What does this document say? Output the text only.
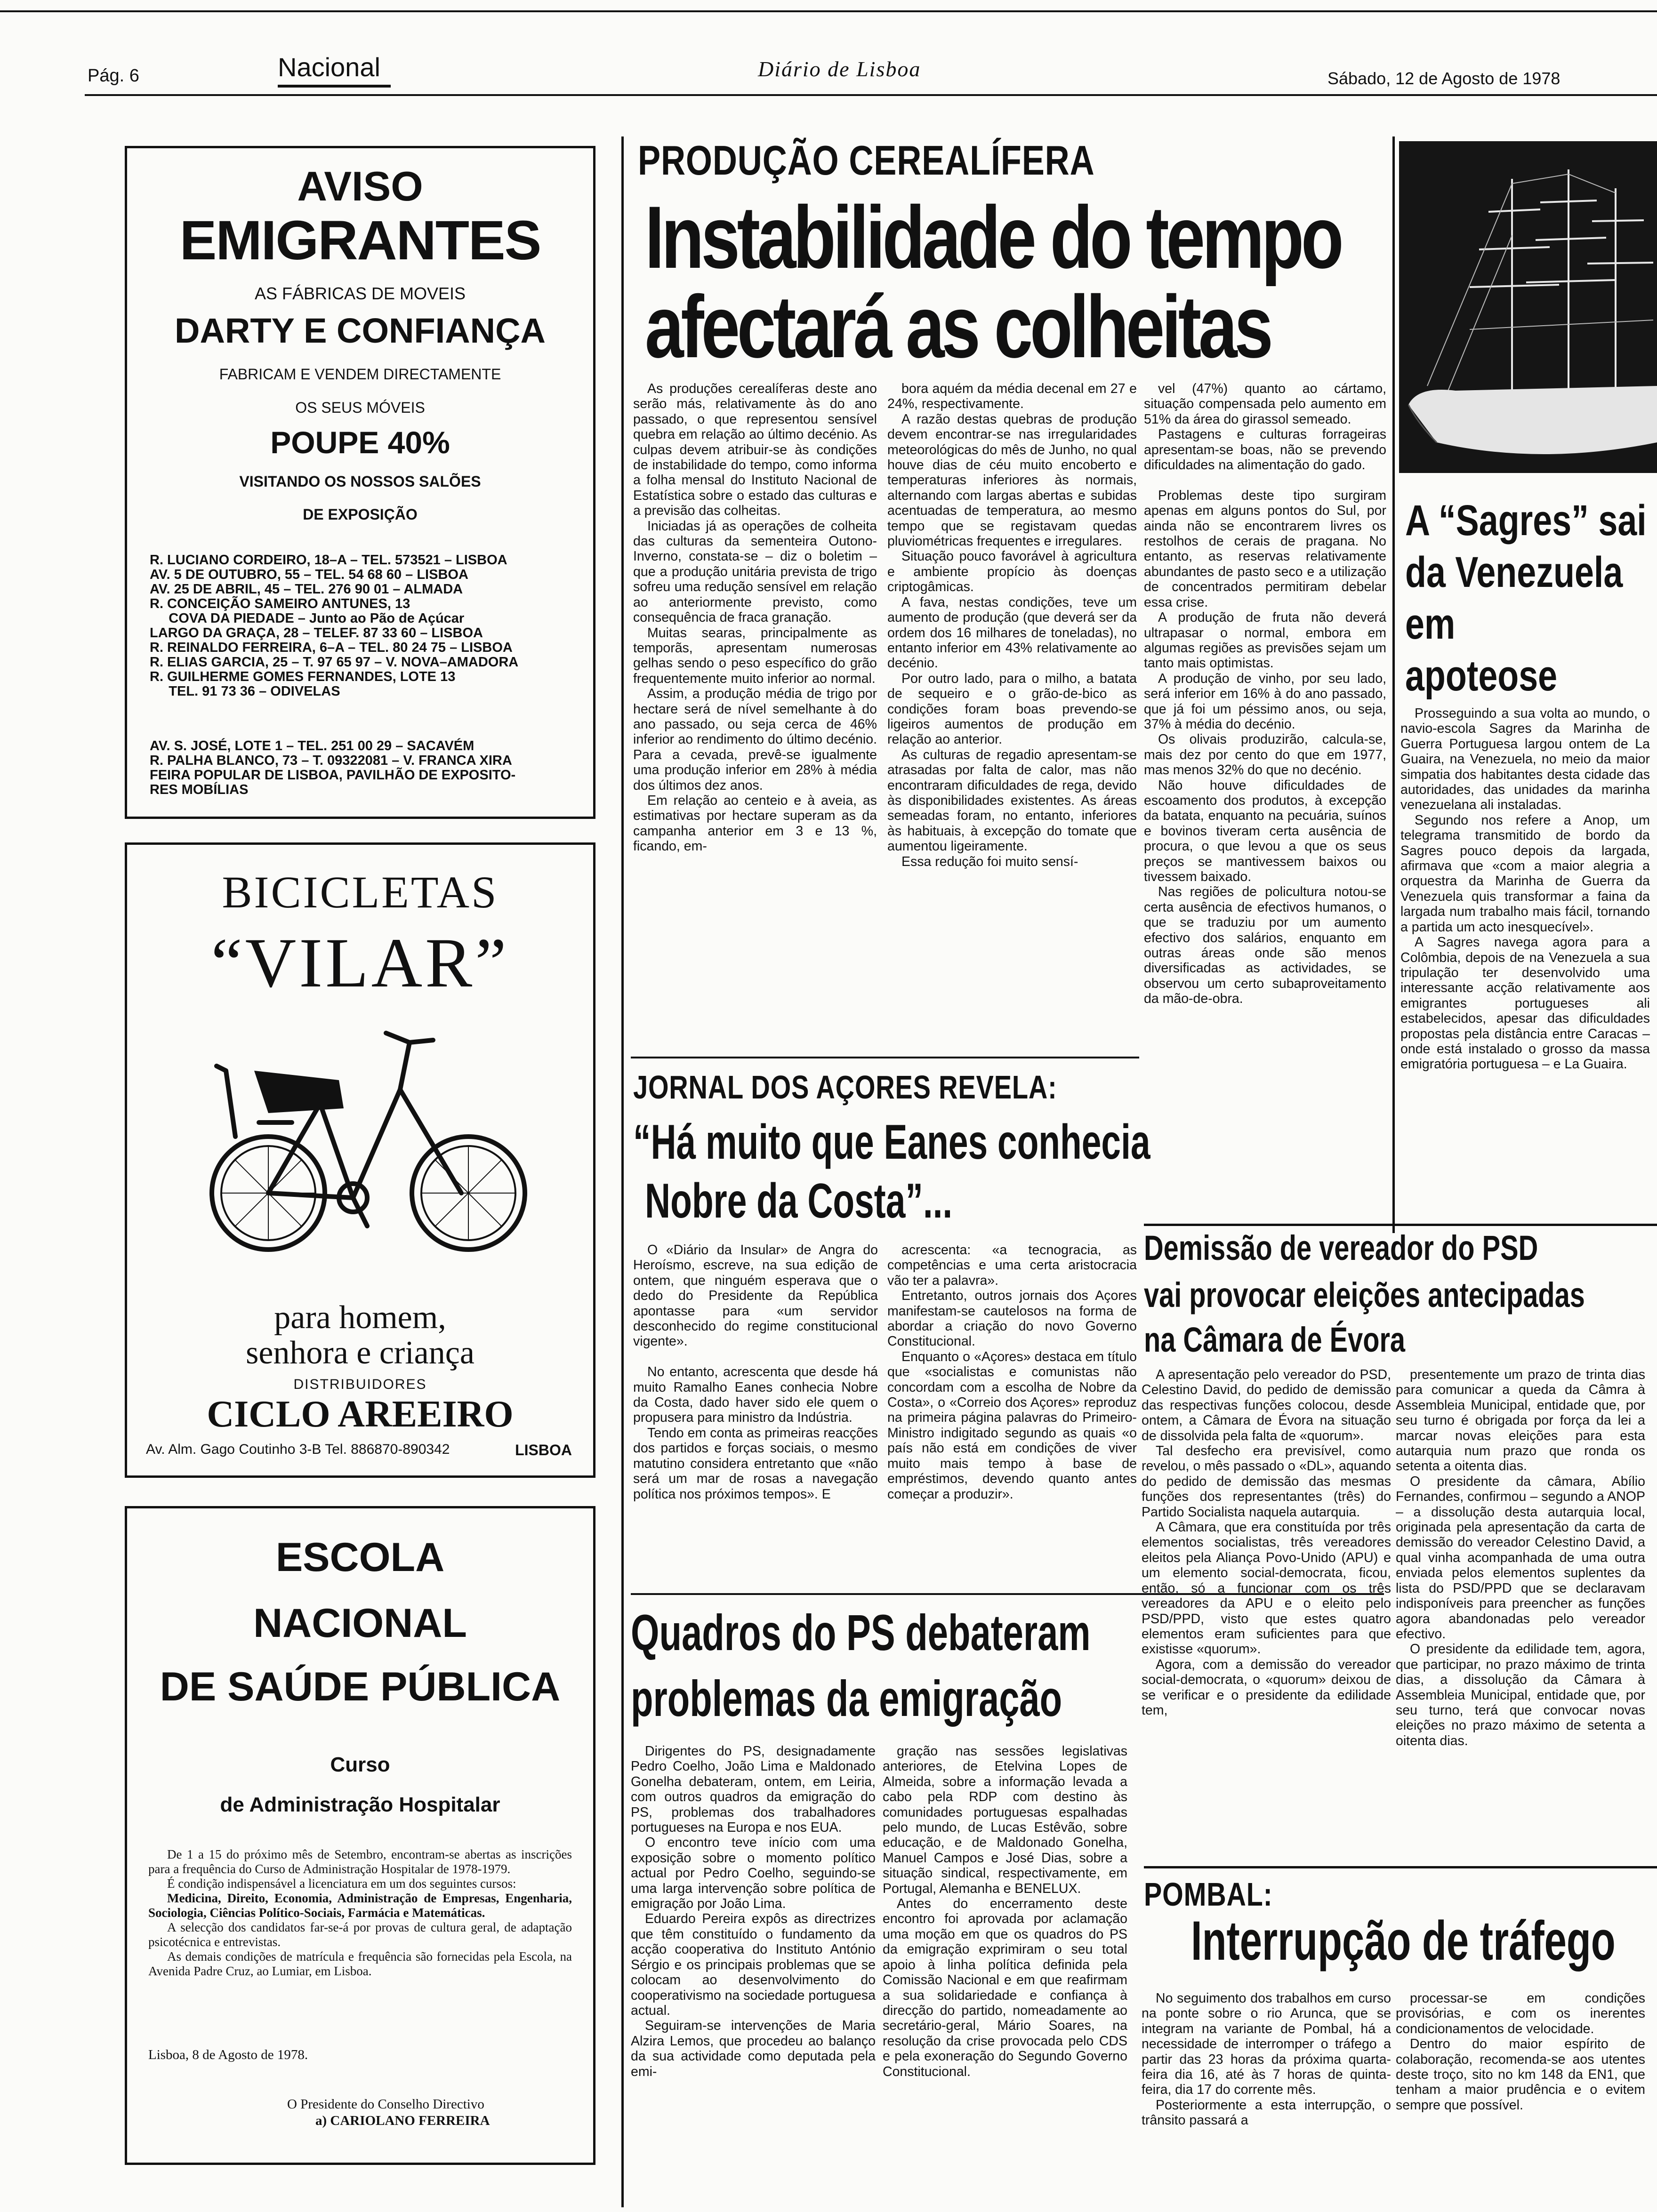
Pág. 6	Nacional	Diário de Lisboa	Sábado, 12 de Agosto de 1978
AVISO
EMIGRANTES
AS FÁBRICAS DE MOVEIS
DARTY E CONFIANÇA
FABRICAM E VENDEM DIRECTAMENTE
OS SEUS MÓVEIS
POUPE 40%
VISITANDO OS NOSSOS SALÕES
DE EXPOSIÇÃO
R. LUCIANO CORDEIRO, 18–A – TEL. 573521 – LISBOA
AV. 5 DE OUTUBRO, 55 – TEL. 54 68 60 – LISBOA
AV. 25 DE ABRIL, 45 – TEL. 276 90 01 – ALMADA
R. CONCEIÇÃO SAMEIRO ANTUNES, 13
COVA DA PIEDADE – Junto ao Pão de Açúcar
LARGO DA GRAÇA, 28 – TELEF. 87 33 60 – LISBOA
R. REINALDO FERREIRA, 6–A – TEL. 80 24 75 – LISBOA
R. ELIAS GARCIA, 25 – T. 97 65 97 – V. NOVA–AMADORA
R. GUILHERME GOMES FERNANDES, LOTE 13
TEL. 91 73 36 – ODIVELAS
AV. S. JOSÉ, LOTE 1 – TEL. 251 00 29 – SACAVÉM
R. PALHA BLANCO, 73 – T. 09322081 – V. FRANCA XIRA
FEIRA POPULAR DE LISBOA, PAVILHÃO DE EXPOSITO-
RES MOBÍLIAS
BICICLETAS
“VILAR”
para homem,
senhora e criança
DISTRIBUIDORES
CICLO AREEIRO
Av. Alm. Gago Coutinho 3-B Tel. 886870-890342	LISBOA
ESCOLA
NACIONAL
DE SAÚDE PÚBLICA
Curso
de Administração Hospitalar

De 1 a 15 do próximo mês de Setembro, encontram-se abertas as inscrições para a frequência do Curso de Administração Hospitalar de 1978-1979.

É condição indispensável a licenciatura em um dos seguintes cursos:

Medicina, Direito, Economia, Administração de Empresas, Engenharia, Sociologia, Ciências Político-Sociais, Farmácia e Matemáticas.

A selecção dos candidatos far-se-á por provas de cultura geral, de adaptação psicotécnica e entrevistas.

As demais condições de matrícula e frequência são fornecidas pela Escola, na Avenida Padre Cruz, ao Lumiar, em Lisboa.

Lisboa, 8 de Agosto de 1978.
O Presidente do Conselho Directivo
a) CARIOLANO FERREIRA
PRODUÇÃO CEREALÍFERA
Instabilidade do tempo
afectará as colheitas

As produções cerealíferas deste ano serão más, relativamente às do ano passado, o que representou sensível quebra em relação ao último decénio. As culpas devem atribuir-se às condições de instabilidade do tempo, como informa a folha mensal do Instituto Nacional de Estatística sobre o estado das culturas e a previsão das colheitas.

Iniciadas já as operações de colheita das culturas da sementeira Outono-Inverno, constata-se – diz o boletim – que a produção unitária prevista de trigo sofreu uma redução sensível em relação ao anteriormente previsto, como consequência de fraca granação.

Muitas searas, principalmente as temporãs, apresentam numerosas gelhas sendo o peso específico do grão frequentemente muito inferior ao normal.

Assim, a produção média de trigo por hectare será de nível semelhante à do ano passado, ou seja cerca de 46% inferior ao rendimento do último decénio. Para a cevada, prevê-se igualmente uma produção inferior em 28% à média dos últimos dez anos.

Em relação ao centeio e à aveia, as estimativas por hectare superam as da campanha anterior em 3 e 13 %, ficando, em-

bora aquém da média decenal em 27 e 24%, respectivamente.

A razão destas quebras de produção devem encontrar-se nas irregularidades meteorológicas do mês de Junho, no qual houve dias de céu muito encoberto e temperaturas inferiores às normais, alternando com largas abertas e subidas acentuadas de temperatura, ao mesmo tempo que se registavam quedas pluviométricas frequentes e irregulares.

Situação pouco favorável à agricultura e ambiente propício às doenças criptogâmicas.

A fava, nestas condições, teve um aumento de produção (que deverá ser da ordem dos 16 milhares de toneladas), no entanto inferior em 43% relativamente ao decénio.

Por outro lado, para o milho, a batata de sequeiro e o grão-de-bico as condições foram boas prevendo-se ligeiros aumentos de produção em relação ao anterior.

As culturas de regadio apresentam-se atrasadas por falta de calor, mas não encontraram dificuldades de rega, devido às disponibilidades existentes. As áreas semeadas foram, no entanto, inferiores às habituais, à excepção do tomate que aumentou ligeiramente.

Essa redução foi muito sensí-

vel (47%) quanto ao cártamo, situação compensada pelo aumento em 51% da área do girassol semeado.

Pastagens e culturas forrageiras apresentam-se boas, não se prevendo dificuldades na alimentação do gado.

Problemas deste tipo surgiram apenas em alguns pontos do Sul, por ainda não se encontrarem livres os restolhos de cerais de pragana. No entanto, as reservas relativamente abundantes de pasto seco e a utilização de concentrados permitiram debelar essa crise.

A produção de fruta não deverá ultrapasar o normal, embora em algumas regiões as previsões sejam um tanto mais optimistas.

A produção de vinho, por seu lado, será inferior em 16% à do ano passado, que já foi um péssimo anos, ou seja, 37% à média do decénio.

Os olivais produzirão, calcula-se, mais dez por cento do que em 1977, mas menos 32% do que no decénio.

Não houve dificuldades de escoamento dos produtos, à excepção da batata, enquanto na pecuária, suínos e bovinos tiveram certa ausência de procura, o que levou a que os seus preços se mantivessem baixos ou tivessem baixado.

Nas regiões de policultura notou-se certa ausência de efectivos humanos, o que se traduziu por um aumento efectivo dos salários, enquanto em outras áreas onde são menos diversificadas as actividades, se observou um certo subaproveitamento da mão-de-obra.

A “Sagres” sai
da Venezuela
em
apoteose

Prosseguindo a sua volta ao mundo, o navio-escola Sagres da Marinha de Guerra Portuguesa largou ontem de La Guaira, na Venezuela, no meio da maior simpatia dos habitantes desta cidade das autoridades, das unidades da marinha venezuelana ali instaladas.

Segundo nos refere a Anop, um telegrama transmitido de bordo da Sagres pouco depois da largada, afirmava que «com a maior alegria a orquestra da Marinha de Guerra da Venezuela quis transformar a faina da largada num trabalho mais fácil, tornando a partida um acto inesquecível».

A Sagres navega agora para a Colômbia, depois de na Venezuela a sua tripulação ter desenvolvido uma interessante acção relativamente aos emigrantes portugueses ali estabelecidos, apesar das dificuldades propostas pela distância entre Caracas – onde está instalado o grosso da massa emigratória portuguesa – e La Guaira.

JORNAL DOS AÇORES REVELA:
“Há muito que Eanes conhecia
Nobre da Costa”...

O «Diário da Insular» de Angra do Heroísmo, escreve, na sua edição de ontem, que ninguém esperava que o dedo do Presidente da República apontasse para «um servidor desconhecido do regime constitucional vigente».

No entanto, acrescenta que desde há muito Ramalho Eanes conhecia Nobre da Costa, dado haver sido ele quem o propusera para ministro da Indústria.

Tendo em conta as primeiras reacções dos partidos e forças sociais, o mesmo matutino considera entretanto que «não será um mar de rosas a navegação política nos próximos tempos». E

acrescenta: «a tecnogracia, as competências e uma certa aristocracia vão ter a palavra».

Entretanto, outros jornais dos Açores manifestam-se cautelosos na forma de abordar a criação do novo Governo Constitucional.

Enquanto o «Açores» destaca em título que «socialistas e comunistas não concordam com a escolha de Nobre da Costa», o «Correio dos Açores» reproduz na primeira página palavras do Primeiro-Ministro indigitado segundo as quais «o país não está em condições de viver muito mais tempo à base de empréstimos, devendo quanto antes começar a produzir».

Quadros do PS debateram
problemas da emigração

Dirigentes do PS, designadamente Pedro Coelho, João Lima e Maldonado Gonelha debateram, ontem, em Leiria, com outros quadros da emigração do PS, problemas dos trabalhadores portugueses na Europa e nos EUA.

O encontro teve início com uma exposição sobre o momento político actual por Pedro Coelho, seguindo-se uma larga intervenção sobre política de emigração por João Lima.

Eduardo Pereira expôs as directrizes que têm constituído o fundamento da acção cooperativa do Instituto António Sérgio e os principais problemas que se colocam ao desenvolvimento do cooperativismo na sociedade portuguesa actual.

Seguiram-se intervenções de Maria Alzira Lemos, que procedeu ao balanço da sua actividade como deputada pela emi-

gração nas sessões legislativas anteriores, de Etelvina Lopes de Almeida, sobre a informação levada a cabo pela RDP com destino às comunidades portuguesas espalhadas pelo mundo, de Lucas Estêvão, sobre educação, e de Maldonado Gonelha, Manuel Campos e José Dias, sobre a situação sindical, respectivamente, em Portugal, Alemanha e BENELUX.

Antes do encerramento deste encontro foi aprovada por aclamação uma moção em que os quadros do PS da emigração exprimiram o seu total apoio à linha política definida pela Comissão Nacional e em que reafirmam a sua solidariedade e confiança à direcção do partido, nomeadamente ao secretário-geral, Mário Soares, na resolução da crise provocada pelo CDS e pela exoneração do Segundo Governo Constitucional.

Demissão de vereador do PSD
vai provocar eleições antecipadas
na Câmara de Évora

A apresentação pelo vereador do PSD, Celestino David, do pedido de demissão das respectivas funções colocou, desde ontem, a Câmara de Évora na situação de dissolvida pela falta de «quorum».

Tal desfecho era previsível, como revelou, o mês passado o «DL», aquando do pedido de demissão das mesmas funções dos representantes (três) do Partido Socialista naquela autarquia.

A Câmara, que era constituída por três elementos socialistas, três vereadores eleitos pela Aliança Povo-Unido (APU) e um elemento social-democrata, ficou, então, só a funcionar com os três vereadores da APU e o eleito pelo PSD/PPD, visto que estes quatro elementos eram suficientes para que existisse «quorum».

Agora, com a demissão do vereador social-democrata, o «quorum» deixou de se verificar e o presidente da edilidade tem,

presentemente um prazo de trinta dias para comunicar a queda da Câmra à Assembleia Municipal, entidade que, por seu turno é obrigada por força da lei a marcar novas eleições para esta autarquia num prazo que ronda os setenta a oitenta dias.

O presidente da câmara, Abílio Fernandes, confirmou – segundo a ANOP – a dissolução desta autarquia local, originada pela apresentação da carta de demissão do vereador Celestino David, a qual vinha acompanhada de uma outra enviada pelos elementos suplentes da lista do PSD/PPD que se declaravam indisponíveis para preencher as funções agora abandonadas pelo vereador efectivo.

O presidente da edilidade tem, agora, que participar, no prazo máximo de trinta dias, a dissolução da Câmara à Assembleia Municipal, entidade que, por seu turno, terá que convocar novas eleições no prazo máximo de setenta a oitenta dias.

POMBAL:
Interrupção de tráfego

No seguimento dos trabalhos em curso na ponte sobre o rio Arunca, que se integram na variante de Pombal, há a necessidade de interromper o tráfego a partir das 23 horas da próxima quarta-feira dia 16, até às 7 horas de quinta-feira, dia 17 do corrente mês.

Posteriormente a esta interrupção, o trânsito passará a

processar-se em condições provisórias, e com os inerentes condicionamentos de velocidade.

Dentro do maior espírito de colaboração, recomenda-se aos utentes deste troço, sito no km 148 da EN1, que tenham a maior prudência e o evitem sempre que possível.
